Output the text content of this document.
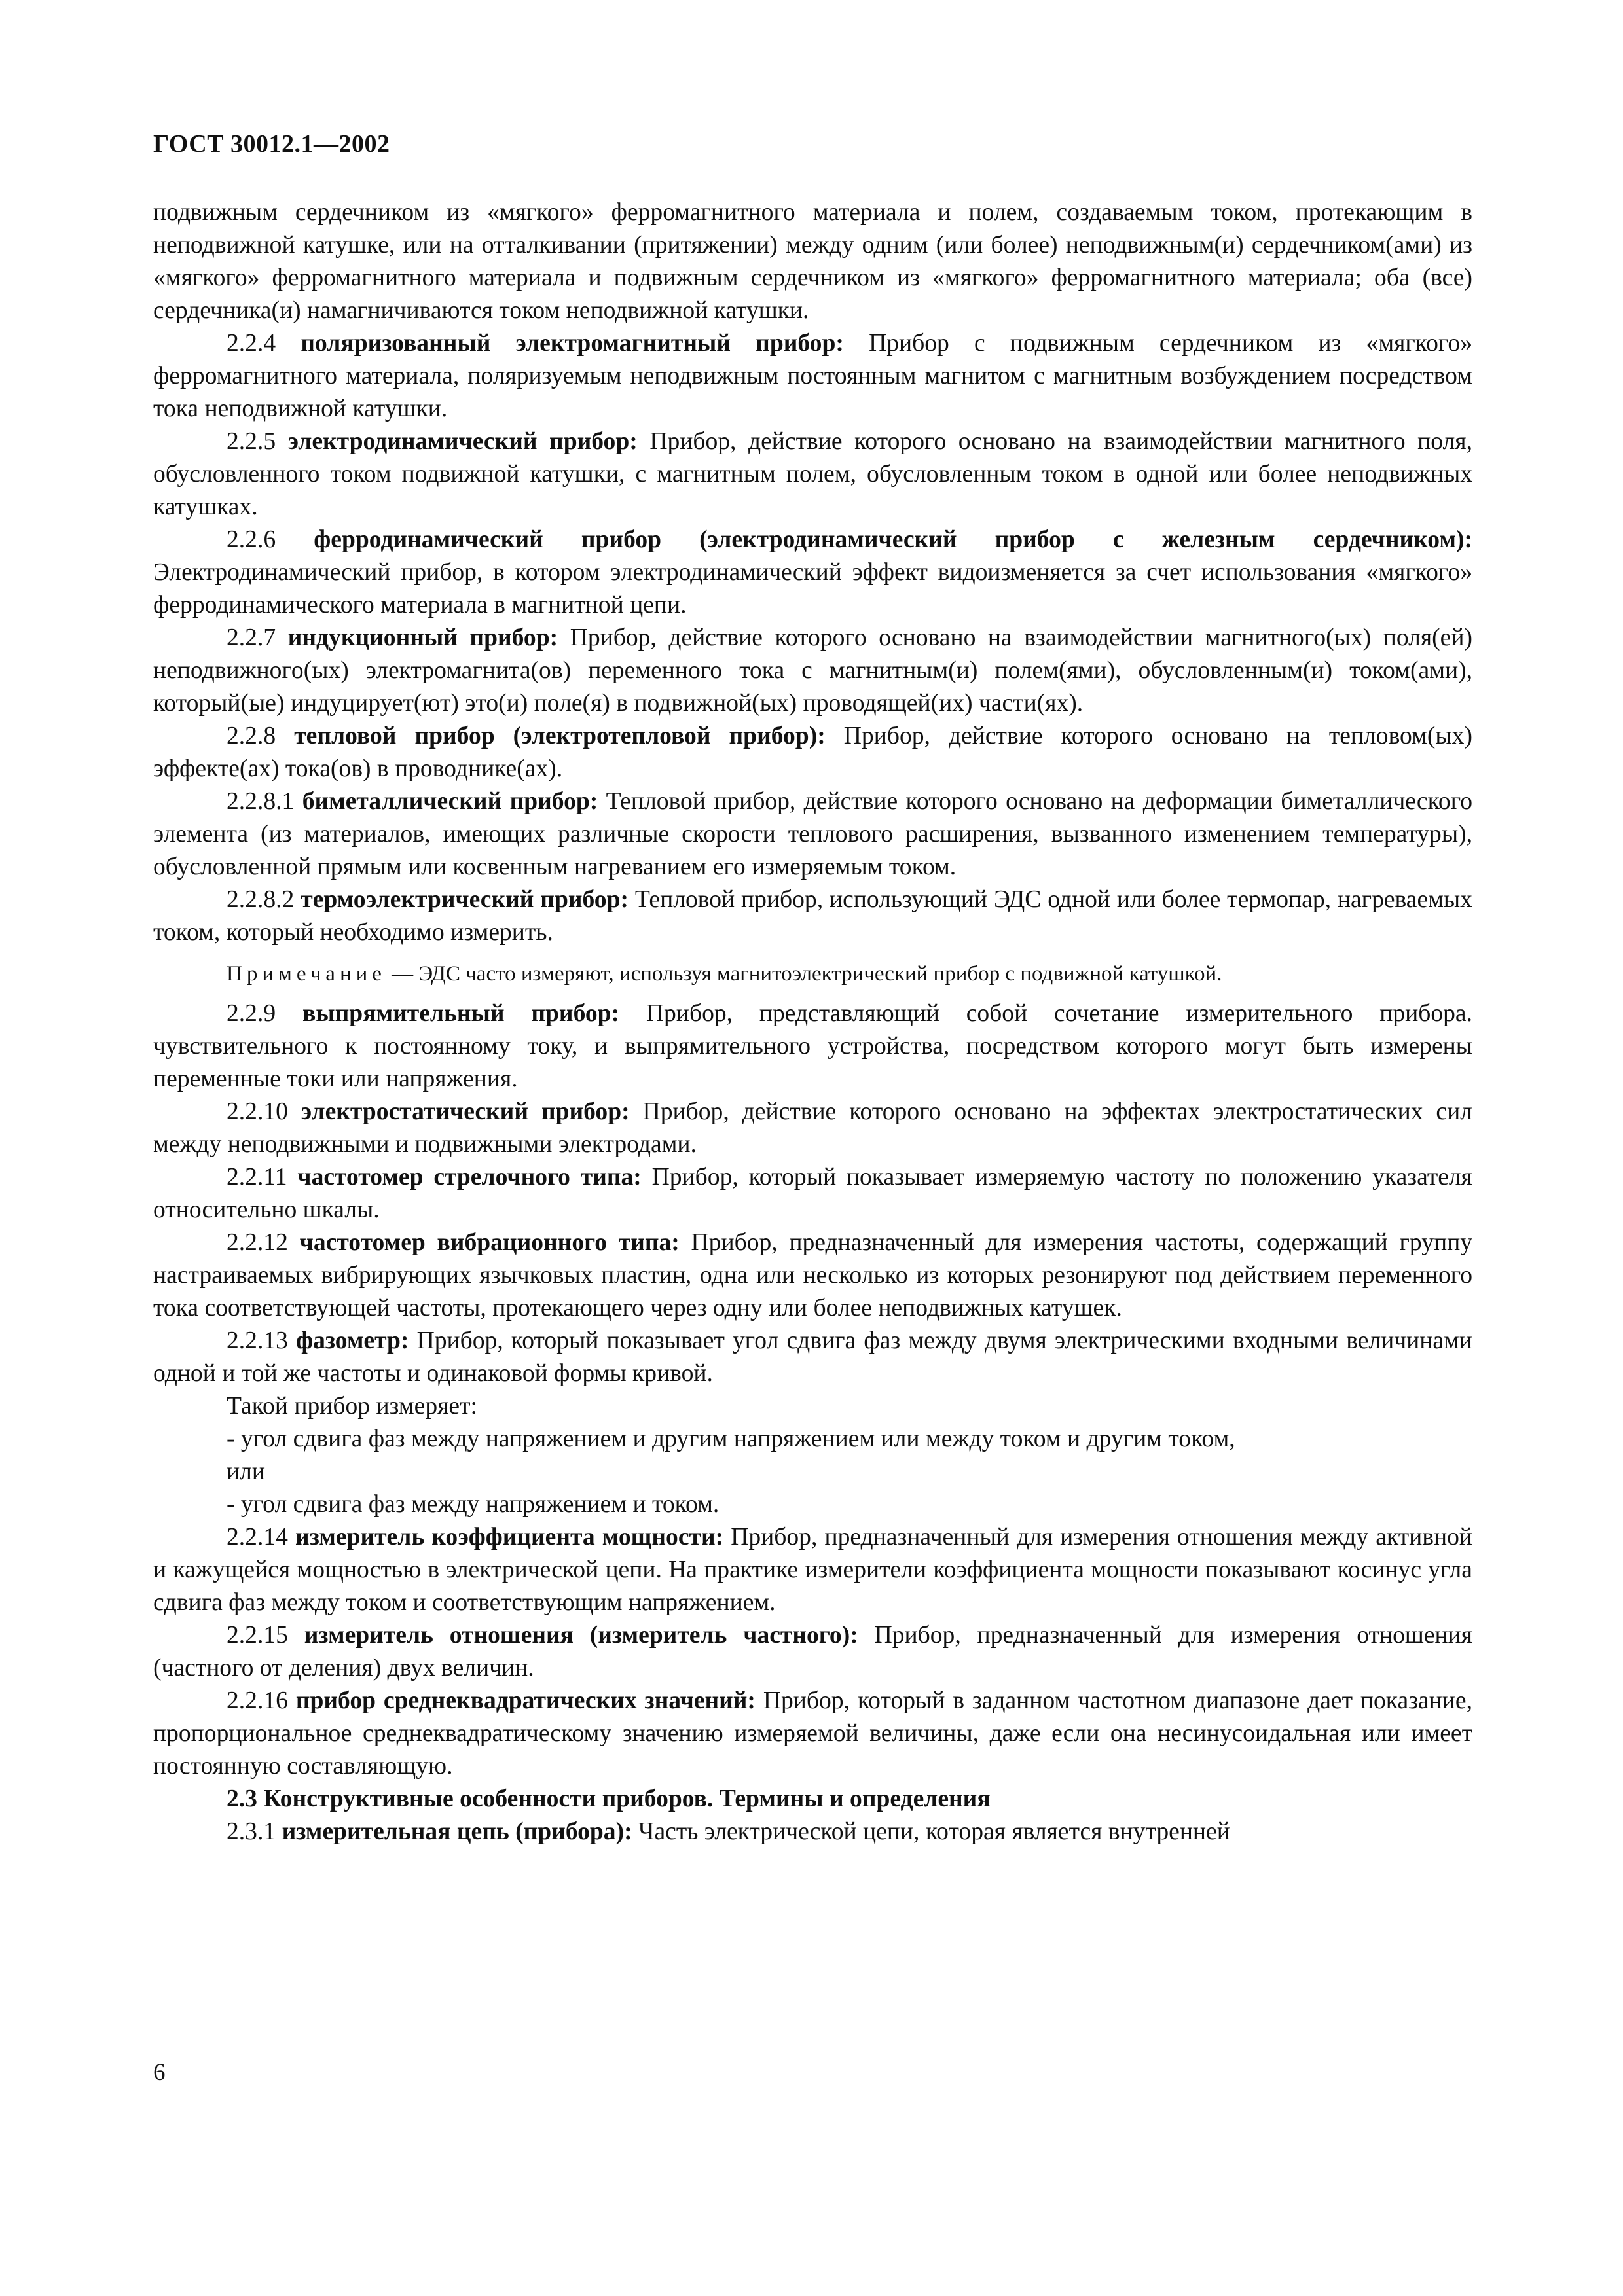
ГОСТ 30012.1—2002

подвижным сердечником из «мягкого» ферромагнитного материала и полем, создаваемым током, протекающим в неподвижной катушке, или на отталкивании (притяжении) между одним (или более) неподвижным(и) сердечником(ами) из «мягкого» ферромагнитного материала и подвижным сердечником из «мягкого» ферромагнитного материала; оба (все) сердечника(и) намагничиваются током неподвижной катушки.

2.2.4 поляризованный электромагнитный прибор: Прибор с подвижным сердечником из «мягкого» ферромагнитного материала, поляризуемым неподвижным постоянным магнитом с магнитным возбуждением посредством тока неподвижной катушки.

2.2.5 электродинамический прибор: Прибор, действие которого основано на взаимодействии магнитного поля, обусловленного током подвижной катушки, с магнитным полем, обусловленным током в одной или более неподвижных катушках.

2.2.6 ферродинамический прибор (электродинамический прибор с железным сердечником): Электродинамический прибор, в котором электродинамический эффект видоизменяется за счет использования «мягкого» ферродинамического материала в магнитной цепи.

2.2.7 индукционный прибор: Прибор, действие которого основано на взаимодействии магнитного(ых) поля(ей) неподвижного(ых) электромагнита(ов) переменного тока с магнитным(и) полем(ями), обусловленным(и) током(ами), который(ые) индуцирует(ют) это(и) поле(я) в подвижной(ых) проводящей(их) части(ях).

2.2.8 тепловой прибор (электротепловой прибор): Прибор, действие которого основано на тепловом(ых) эффекте(ах) тока(ов) в проводнике(ах).

2.2.8.1 биметаллический прибор: Тепловой прибор, действие которого основано на деформации биметаллического элемента (из материалов, имеющих различные скорости теплового расширения, вызванного изменением температуры), обусловленной прямым или косвенным нагреванием его измеряемым током.

2.2.8.2 термоэлектрический прибор: Тепловой прибор, использующий ЭДС одной или более термопар, нагреваемых током, который необходимо измерить.

Примечание — ЭДС часто измеряют, используя магнитоэлектрический прибор с подвижной катушкой.

2.2.9 выпрямительный прибор: Прибор, представляющий собой сочетание измерительного прибора. чувствительного к постоянному току, и выпрямительного устройства, посредством которого могут быть измерены переменные токи или напряжения.

2.2.10 электростатический прибор: Прибор, действие которого основано на эффектах электростатических сил между неподвижными и подвижными электродами.

2.2.11 частотомер стрелочного типа: Прибор, который показывает измеряемую частоту по положению указателя относительно шкалы.

2.2.12 частотомер вибрационного типа: Прибор, предназначенный для измерения частоты, содержащий группу настраиваемых вибрирующих язычковых пластин, одна или несколько из которых резонируют под действием переменного тока соответствующей частоты, протекающего через одну или более неподвижных катушек.

2.2.13 фазометр: Прибор, который показывает угол сдвига фаз между двумя электрическими входными величинами одной и той же частоты и одинаковой формы кривой.

Такой прибор измеряет:

- угол сдвига фаз между напряжением и другим напряжением или между током и другим током,

или

- угол сдвига фаз между напряжением и током.

2.2.14 измеритель коэффициента мощности: Прибор, предназначенный для измерения отношения между активной и кажущейся мощностью в электрической цепи. На практике измерители коэффициента мощности показывают косинус угла сдвига фаз между током и соответствующим напряжением.

2.2.15 измеритель отношения (измеритель частного): Прибор, предназначенный для измерения отношения (частного от деления) двух величин.

2.2.16 прибор среднеквадратических значений: Прибор, который в заданном частотном диапазоне дает показание, пропорциональное среднеквадратическому значению измеряемой величины, даже если она несинусоидальная или имеет постоянную составляющую.

2.3 Конструктивные особенности приборов. Термины и определения

2.3.1 измерительная цепь (прибора): Часть электрической цепи, которая является внутренней

6
